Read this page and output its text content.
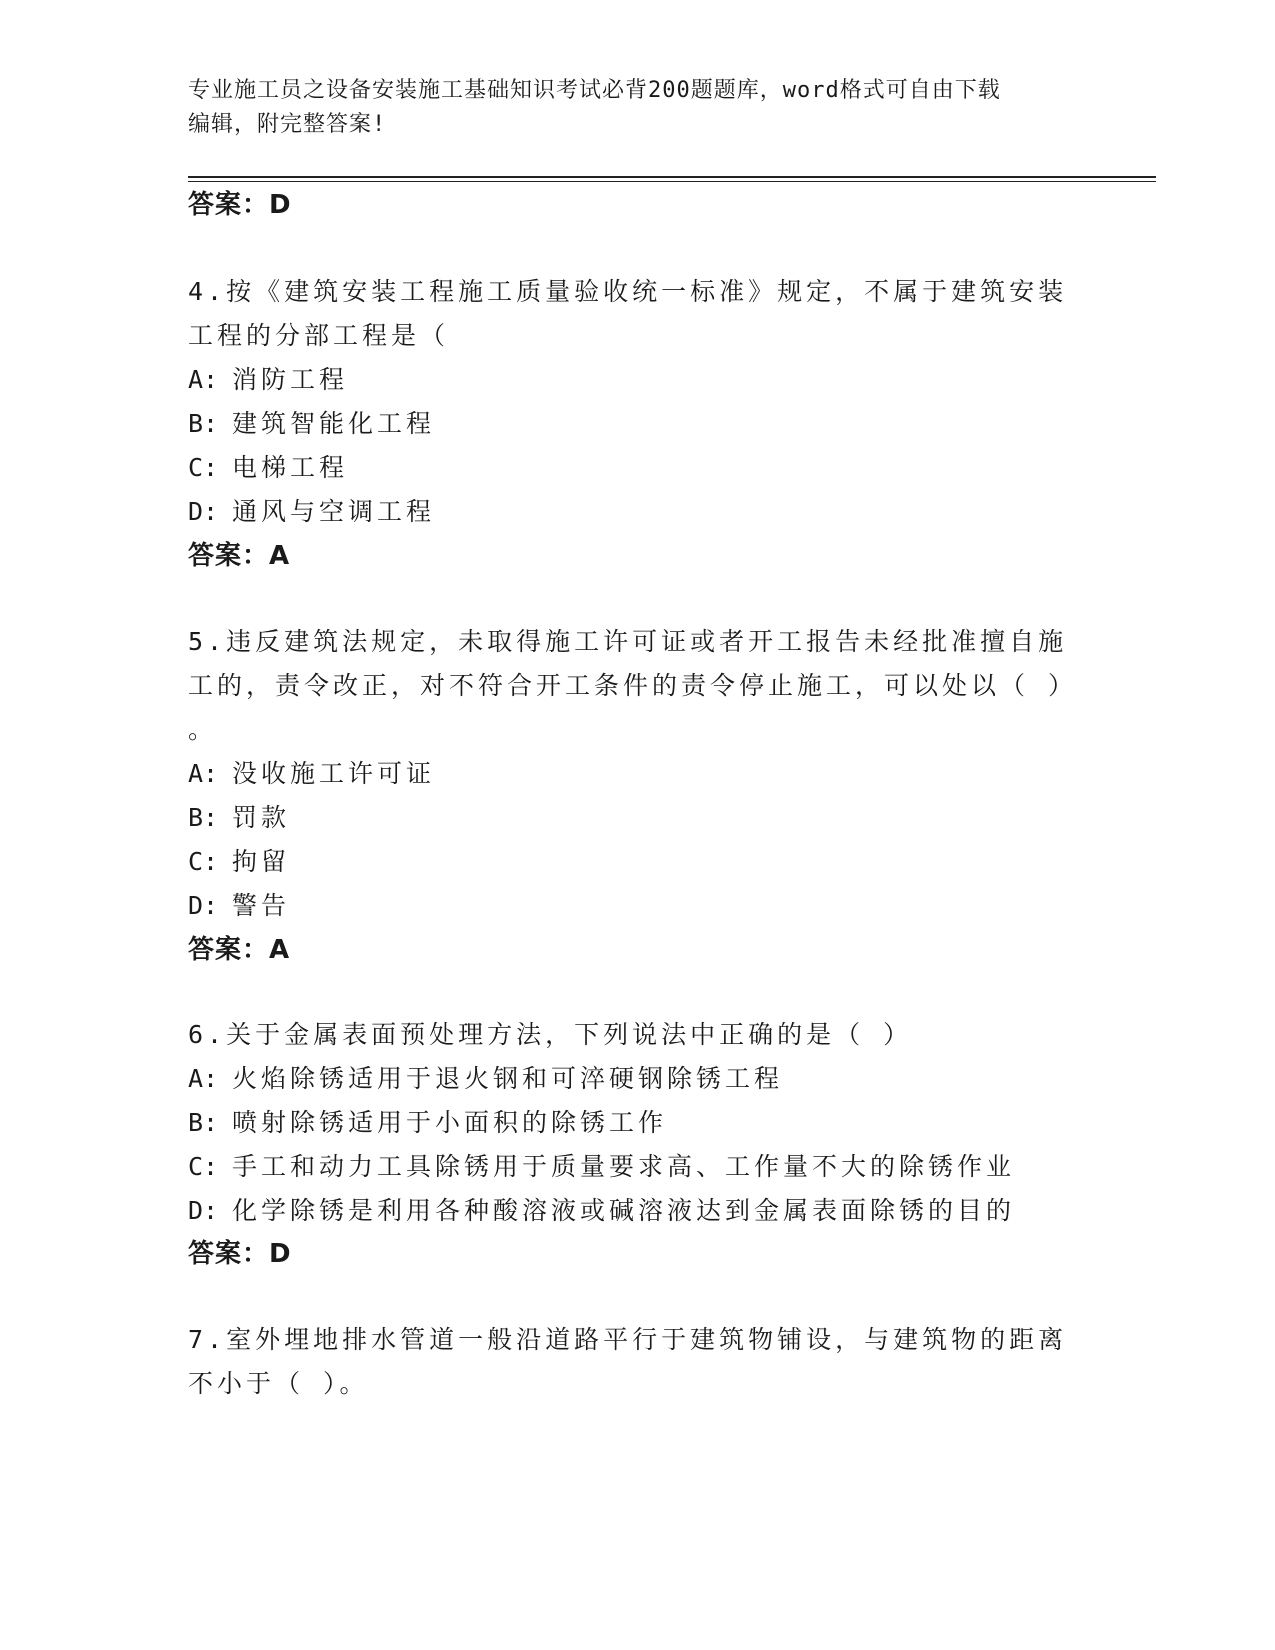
专业施工员之设备安装施工基础知识考试必背200题题库，word格式可自由下载
编辑，附完整答案!
答案：D
4.按《建筑安装工程施工质量验收统一标准》规定，不属于建筑安装
工程的分部工程是（
A: 消防工程
B: 建筑智能化工程
C: 电梯工程
D: 通风与空调工程
答案：A
5.违反建筑法规定，未取得施工许可证或者开工报告未经批准擅自施
工的，责令改正，对不符合开工条件的责令停止施工，可以处以（ ）
。
A: 没收施工许可证
B: 罚款
C: 拘留
D: 警告
答案：A
6.关于金属表面预处理方法，下列说法中正确的是（ ）
A: 火焰除锈适用于退火钢和可淬硬钢除锈工程
B: 喷射除锈适用于小面积的除锈工作
C: 手工和动力工具除锈用于质量要求高、工作量不大的除锈作业
D: 化学除锈是利用各种酸溶液或碱溶液达到金属表面除锈的目的
答案：D
7.室外埋地排水管道一般沿道路平行于建筑物铺设，与建筑物的距离
不小于（ ）。
